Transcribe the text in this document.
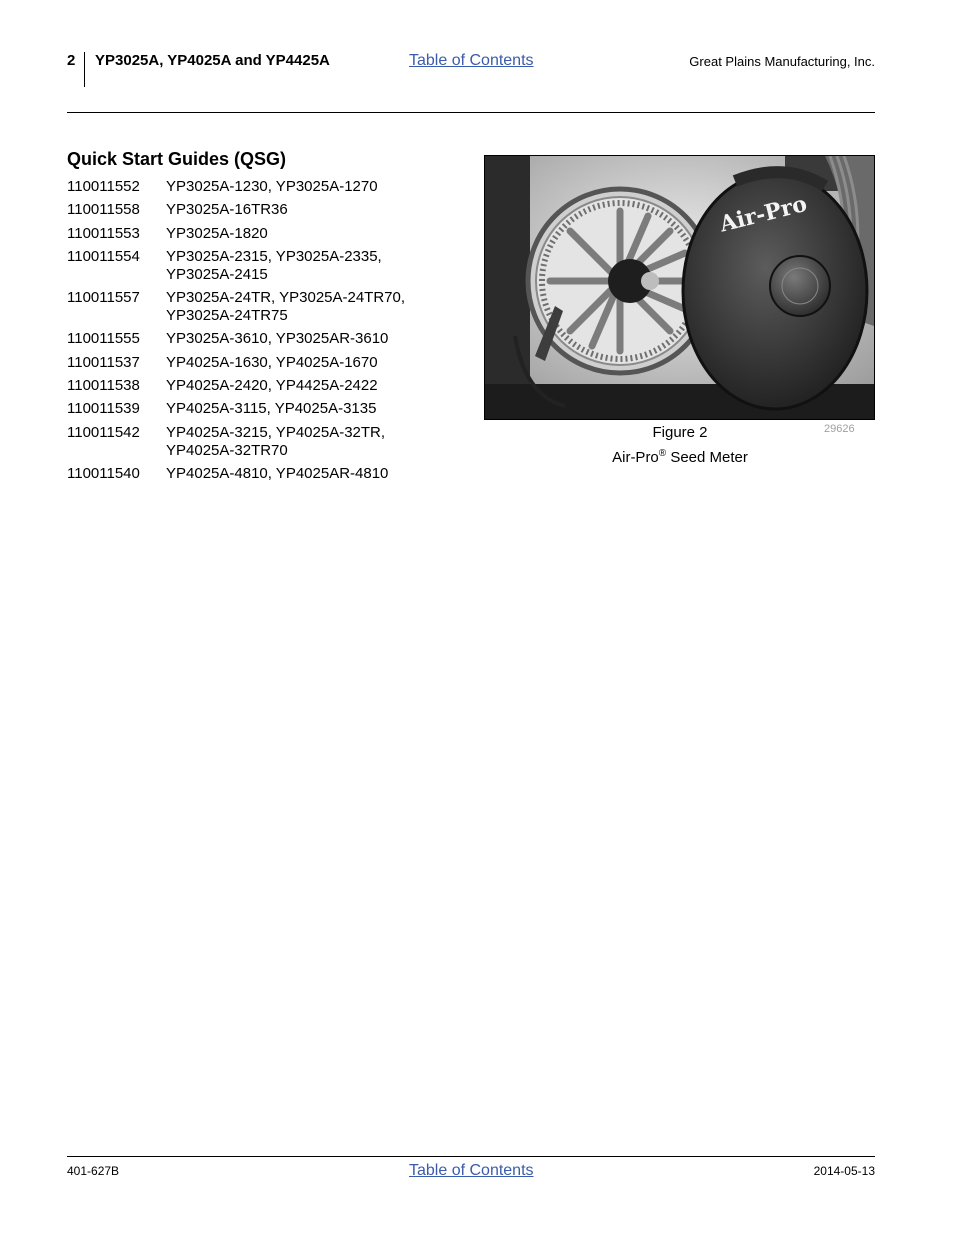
2 YP3025A, YP4025A and YP4425A	Table of Contents	Great Plains Manufacturing, Inc.
Quick Start Guides (QSG)
110011552	YP3025A-1230, YP3025A-1270
110011558	YP3025A-16TR36
110011553	YP3025A-1820
110011554	YP3025A-2315, YP3025A-2335,
YP3025A-2415
110011557	YP3025A-24TR, YP3025A-24TR70,
YP3025A-24TR75
110011555	YP3025A-3610, YP3025AR-3610
110011537	YP4025A-1630, YP4025A-1670
110011538	YP4025A-2420, YP4425A-2422
110011539	YP4025A-3115, YP4025A-3135
110011542	YP4025A-3215, YP4025A-32TR,
YP4025A-32TR70
110011540	YP4025A-4810, YP4025AR-4810
Air-Pro
Figure 2
Air-Pro® Seed Meter
29626
401-627B	Table of Contents	2014-05-13
